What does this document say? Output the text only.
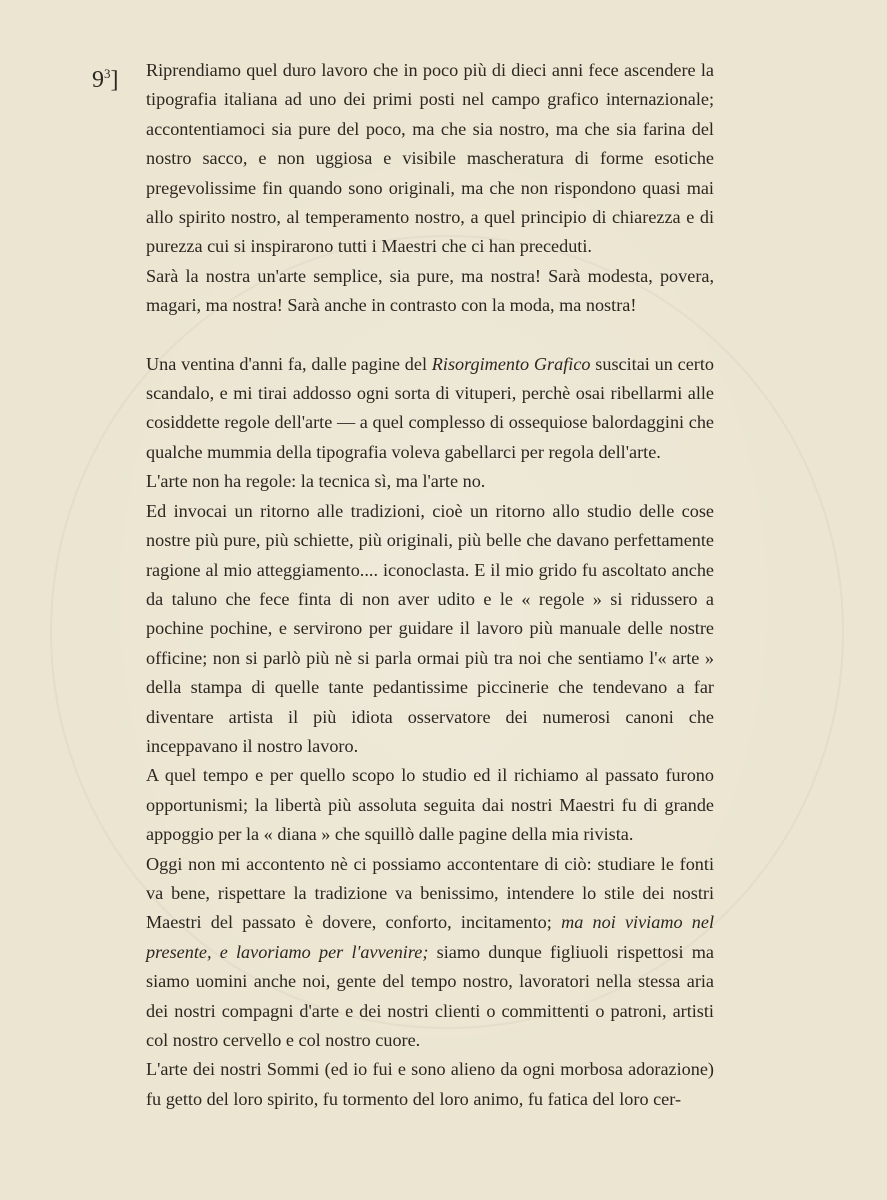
$9^3$] Riprendiamo quel duro lavoro che in poco più di dieci anni fece ascendere la tipografia italiana ad uno dei primi posti nel campo grafico internazionale; accontentiamoci sia pure del poco, ma che sia nostro, ma che sia farina del nostro sacco, e non uggiosa e visibile mascheratura di forme esotiche pregevolissime fin quando sono originali, ma che non rispondono quasi mai allo spirito nostro, al temperamento nostro, a quel principio di chiarezza e di purezza cui si inspirarono tutti i Maestri che ci han preceduti.

Sarà la nostra un'arte semplice, sia pure, ma nostra! Sarà modesta, povera, magari, ma nostra! Sarà anche in contrasto con la moda, ma nostra!

Una ventina d'anni fa, dalle pagine del Risorgimento Grafico suscitai un certo scandalo, e mi tirai addosso ogni sorta di vituperi, perchè osai ribellarmi alle cosiddette regole dell'arte — a quel complesso di ossequiose balordaggini che qualche mummia della tipografia voleva gabellarci per regola dell'arte.

L'arte non ha regole: la tecnica sì, ma l'arte no.

Ed invocai un ritorno alle tradizioni, cioè un ritorno allo studio delle cose nostre più pure, più schiette, più originali, più belle che davano perfettamente ragione al mio atteggiamento.... iconoclasta. E il mio grido fu ascoltato anche da taluno che fece finta di non aver udito e le « regole » si ridussero a pochine pochine, e servirono per guidare il lavoro più manuale delle nostre officine; non si parlò più nè si parla ormai più tra noi che sentiamo l'« arte » della stampa di quelle tante pedantissime piccinerie che tendevano a far diventare artista il più idiota osservatore dei numerosi canoni che inceppavano il nostro lavoro.

A quel tempo e per quello scopo lo studio ed il richiamo al passato furono opportunismi; la libertà più assoluta seguita dai nostri Maestri fu di grande appoggio per la « diana » che squillò dalle pagine della mia rivista.

Oggi non mi accontento nè ci possiamo accontentare di ciò: studiare le fonti va bene, rispettare la tradizione va benissimo, intendere lo stile dei nostri Maestri del passato è dovere, conforto, incitamento; ma noi viviamo nel presente, e lavoriamo per l'avvenire; siamo dunque figliuoli rispettosi ma siamo uomini anche noi, gente del tempo nostro, lavoratori nella stessa aria dei nostri compagni d'arte e dei nostri clienti o committenti o patroni, artisti col nostro cervello e col nostro cuore.

L'arte dei nostri Sommi (ed io fui e sono alieno da ogni morbosa adorazione) fu getto del loro spirito, fu tormento del loro animo, fu fatica del loro cer-
